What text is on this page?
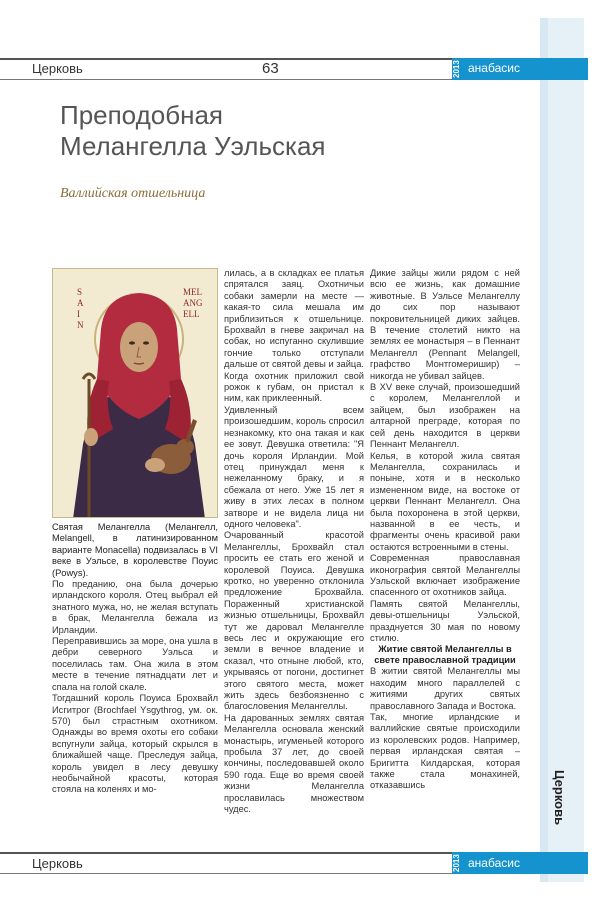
Церковь	63	2013 анабасис
Преподобная
Мелангелла Уэльская
Валлийская отшельница
S A I N
MEL
ANG
ELL

Святая Мелангелла (Мелангелл, Melangell, в латинизированном варианте Monacella) подвизалась в VI веке в Уэльсе, в королевстве Поуис (Powys).

По преданию, она была дочерью ирландского короля. Отец выбрал ей знатного мужа, но, не желая вступать в брак, Мелангелла бежала из Ирландии.

Переправившись за море, она ушла в дебри северного Уэльса и поселилась там. Она жила в этом месте в течение пятнадцати лет и спала на голой скале.

Тогдашний король Поуиса Брохвайл Исгитрог (Brochfael Ysgythrog, ум. ок. 570) был страстным охотником. Однажды во время охоты его собаки вспугнули зайца, который скрылся в ближайшей чаще. Преследуя зайца, король увидел в лесу девушку необычайной красоты, которая стояла на коленях и мо-

лилась, а в складках ее платья спрятался заяц. Охотничьи собаки замерли на месте — какая-то сила мешала им приблизиться к отшельнице. Брохвайл в гневе закричал на собак, но испуганно скулившие гончие только отступали дальше от святой девы и зайца. Когда охотник приложил свой рожок к губам, он пристал к ним, как приклеенный.

Удивленный всем произошедшим, король спросил незнакомку, кто она такая и как ее зовут. Девушка ответила: "Я дочь короля Ирландии. Мой отец принуждал меня к нежеланному браку, и я сбежала от него. Уже 15 лет я живу в этих лесах в полном затворе и не видела лица ни одного человека".

Очарованный красотой Мелангеллы, Брохвайл стал просить ее стать его женой и королевой Поуиса. Девушка кротко, но уверенно отклонила предложение Брохвайла. Пораженный христианской жизнью отшельницы, Брохвайл тут же даровал Мелангелле весь лес и окружающие его земли в вечное владение и сказал, что отныне любой, кто, укрываясь от погони, достигнет этого святого места, может жить здесь безбоязненно с благословения Мелангеллы.

На дарованных землях святая Мелангелла основала женский монастырь, игуменьей которого пробыла 37 лет, до своей кончины, последовавшей около 590 года. Еще во время своей жизни Мелангелла прославилась множеством чудес.

Дикие зайцы жили рядом с ней всю ее жизнь, как домашние животные. В Уэльсе Мелангеллу до сих пор называют покровительницей диких зайцев. В течение столетий никто на землях ее монастыря – в Пеннант Мелангелл (Pennant Melangell, графство Монтгомеришир) – никогда не убивал зайцев.

В XV веке случай, произошедший с королем, Мелангеллой и зайцем, был изображен на алтарной преграде, которая по сей день находится в церкви Пеннант Мелангелл.

Келья, в которой жила святая Мелангелла, сохранилась и поныне, хотя и в несколько измененном виде, на востоке от церкви Пеннант Мелангелл. Она была похоронена в этой церкви, названной в ее честь, и фрагменты очень красивой раки остаются встроенными в стены.

Современная православная иконография святой Мелангеллы Уэльской включает изображение спасенного от охотников зайца.

Память святой Мелангеллы, девы-отшельницы Уэльской, празднуется 30 мая по новому стилю.

Житие святой Мелангеллы в свете православной традиции

В житии святой Мелангеллы мы находим много параллелей с житиями других святых православного Запада и Востока.

Так, многие ирландские и валлийские святые происходили из королевских родов. Например, первая ирландская святая – Бригитта Килдарская, которая также стала монахиней, отказавшись	Церковь
Церковь	2013 анабасис
